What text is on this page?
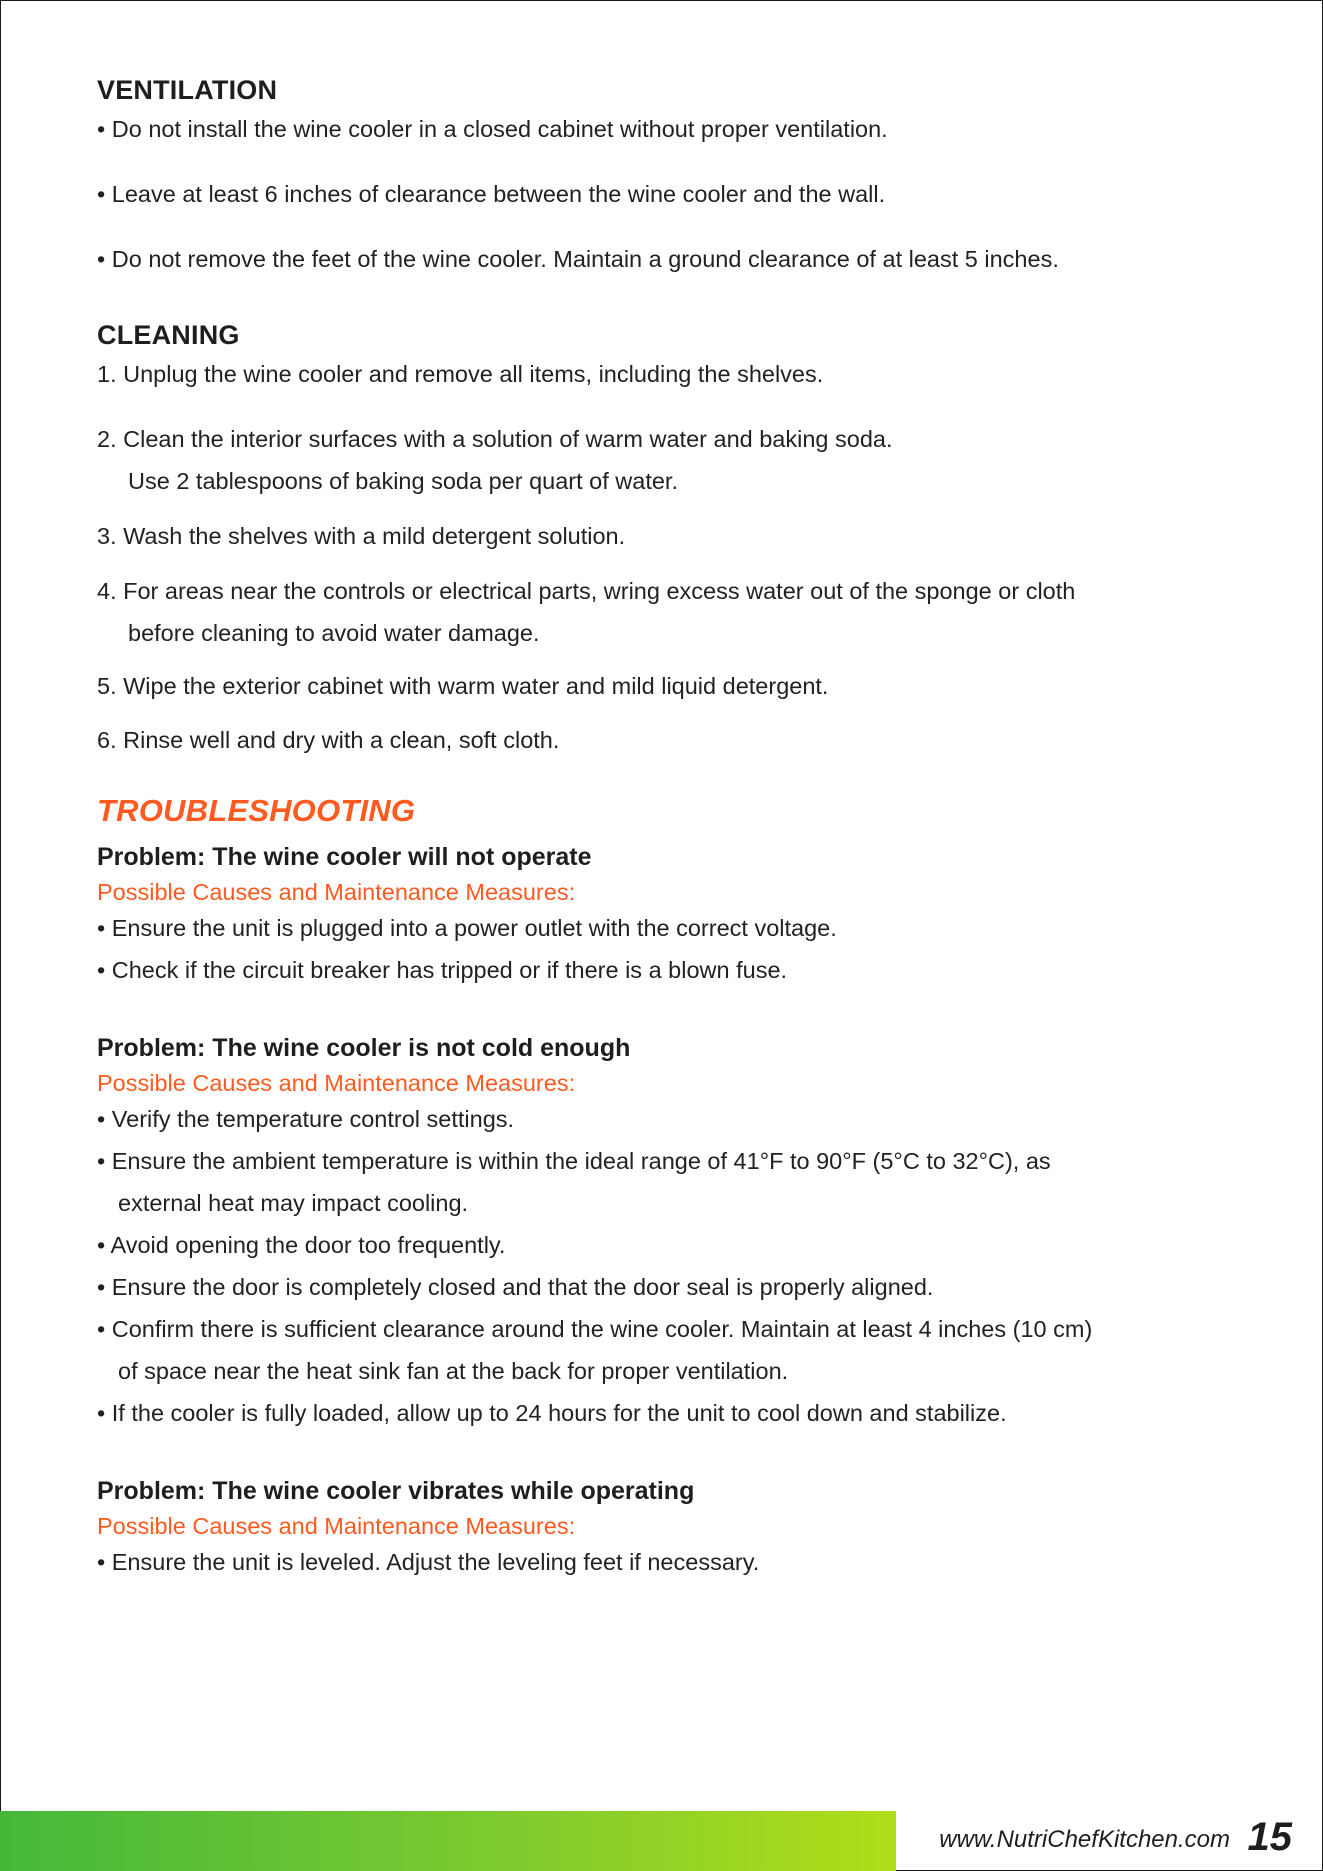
VENTILATION
• Do not install the wine cooler in a closed cabinet without proper ventilation.
• Leave at least 6 inches of clearance between the wine cooler and the wall.
• Do not remove the feet of the wine cooler. Maintain a ground clearance of at least 5 inches.
CLEANING
1. Unplug the wine cooler and remove all items, including the shelves.
2. Clean the interior surfaces with a solution of warm water and baking soda.
Use 2 tablespoons of baking soda per quart of water.
3. Wash the shelves with a mild detergent solution.
4. For areas near the controls or electrical parts, wring excess water out of the sponge or cloth
before cleaning to avoid water damage.
5. Wipe the exterior cabinet with warm water and mild liquid detergent.
6. Rinse well and dry with a clean, soft cloth.
TROUBLESHOOTING
Problem: The wine cooler will not operate
Possible Causes and Maintenance Measures:
• Ensure the unit is plugged into a power outlet with the correct voltage.
• Check if the circuit breaker has tripped or if there is a blown fuse.
Problem: The wine cooler is not cold enough
Possible Causes and Maintenance Measures:
• Verify the temperature control settings.
• Ensure the ambient temperature is within the ideal range of 41°F to 90°F (5°C to 32°C), as
external heat may impact cooling.
• Avoid opening the door too frequently.
• Ensure the door is completely closed and that the door seal is properly aligned.
• Confirm there is sufficient clearance around the wine cooler. Maintain at least 4 inches (10 cm)
of space near the heat sink fan at the back for proper ventilation.
• If the cooler is fully loaded, allow up to 24 hours for the unit to cool down and stabilize.
Problem: The wine cooler vibrates while operating
Possible Causes and Maintenance Measures:
• Ensure the unit is leveled. Adjust the leveling feet if necessary.
www.NutriChefKitchen.com 15
